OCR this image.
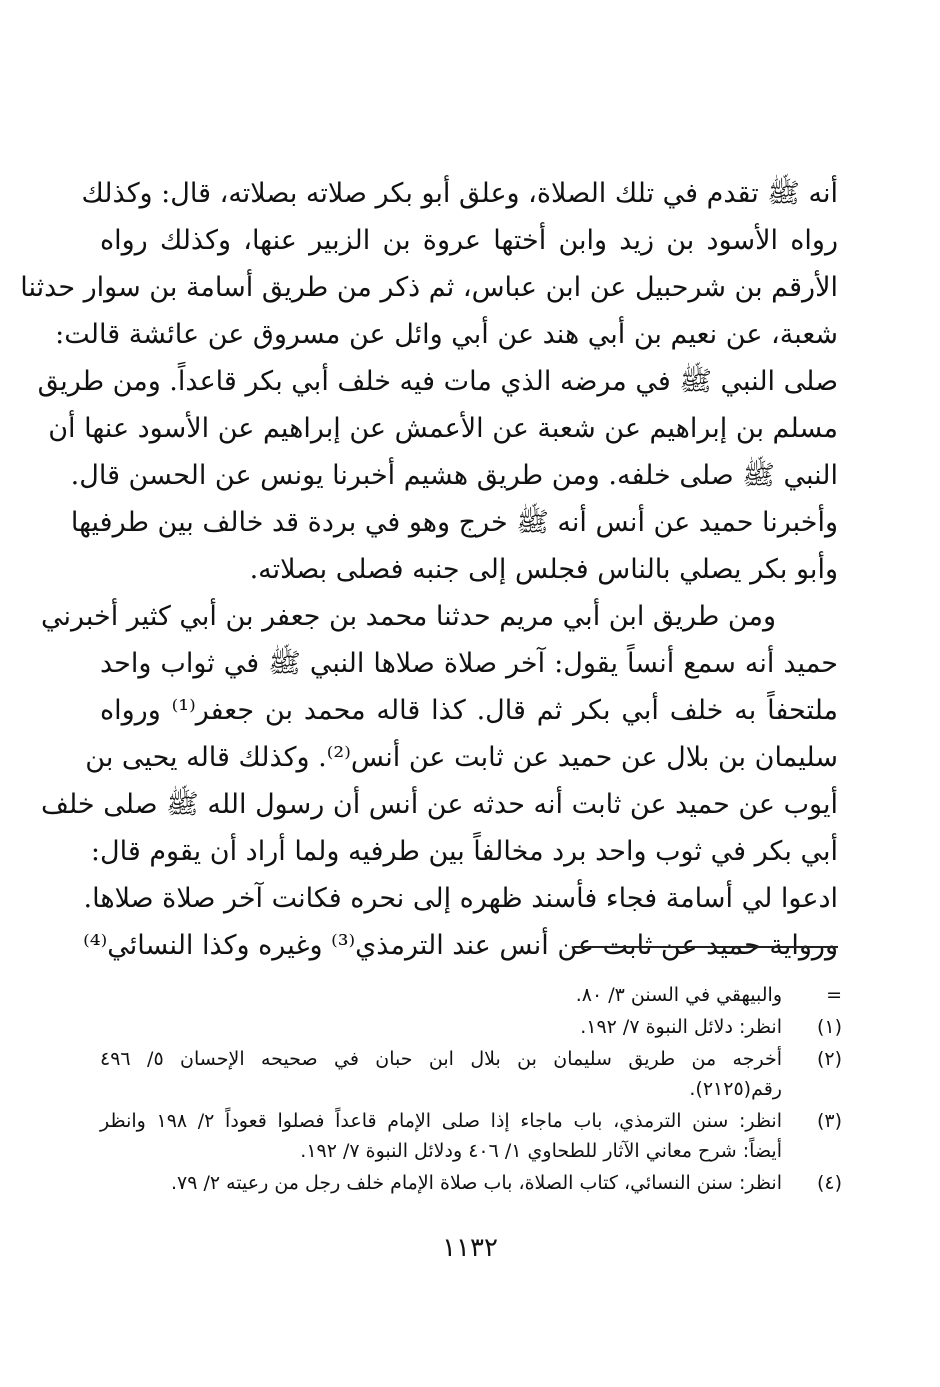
أنه ﷺ تقدم في تلك الصلاة، وعلق أبو بكر صلاته بصلاته، قال: وكذلك
رواه الأسود بن زيد وابن أختها عروة بن الزبير عنها، وكذلك رواه
الأرقم بن شرحبيل عن ابن عباس، ثم ذكر من طريق أسامة بن سوار حدثنا
شعبة، عن نعيم بن أبي هند عن أبي وائل عن مسروق عن عائشة قالت:
صلى النبي ﷺ في مرضه الذي مات فيه خلف أبي بكر قاعداً. ومن طريق
مسلم بن إبراهيم عن شعبة عن الأعمش عن إبراهيم عن الأسود عنها أن
النبي ﷺ صلى خلفه. ومن طريق هشيم أخبرنا يونس عن الحسن قال.
وأخبرنا حميد عن أنس أنه ﷺ خرج وهو في بردة قد خالف بين طرفيها
وأبو بكر يصلي بالناس فجلس إلى جنبه فصلى بصلاته.
ومن طريق ابن أبي مريم حدثنا محمد بن جعفر بن أبي كثير أخبرني
حميد أنه سمع أنساً يقول: آخر صلاة صلاها النبي ﷺ في ثواب واحد
ملتحفاً به خلف أبي بكر ثم قال. كذا قاله محمد بن جعفر⁽¹⁾ ورواه
سليمان بن بلال عن حميد عن ثابت عن أنس⁽²⁾. وكذلك قاله يحيى بن
أيوب عن حميد عن ثابت أنه حدثه عن أنس أن رسول الله ﷺ صلى خلف
أبي بكر في ثوب واحد برد مخالفاً بين طرفيه ولما أراد أن يقوم قال:
ادعوا لي أسامة فجاء فأسند ظهره إلى نحره فكانت آخر صلاة صلاها.
ورواية حميد عن ثابت عن أنس عند الترمذي⁽³⁾ وغيره وكذا النسائي⁽⁴⁾
=
والبيهقي في السنن ٣/ ٨٠.
(١)
انظر: دلائل النبوة ٧/ ١٩٢.
(٢)
أخرجه من طريق سليمان بن بلال ابن حبان في صحيحه الإحسان ٥/ ٤٩٦
رقم(٢١٢٥).
(٣)
انظر: سنن الترمذي، باب ماجاء إذا صلى الإمام قاعداً فصلوا قعوداً ٢/ ١٩٨ وانظر
أيضاً: شرح معاني الآثار للطحاوي ١/ ٤٠٦ ودلائل النبوة ٧/ ١٩٢.
(٤)
انظر: سنن النسائي، كتاب الصلاة، باب صلاة الإمام خلف رجل من رعيته ٢/ ٧٩.
١١٣٢
